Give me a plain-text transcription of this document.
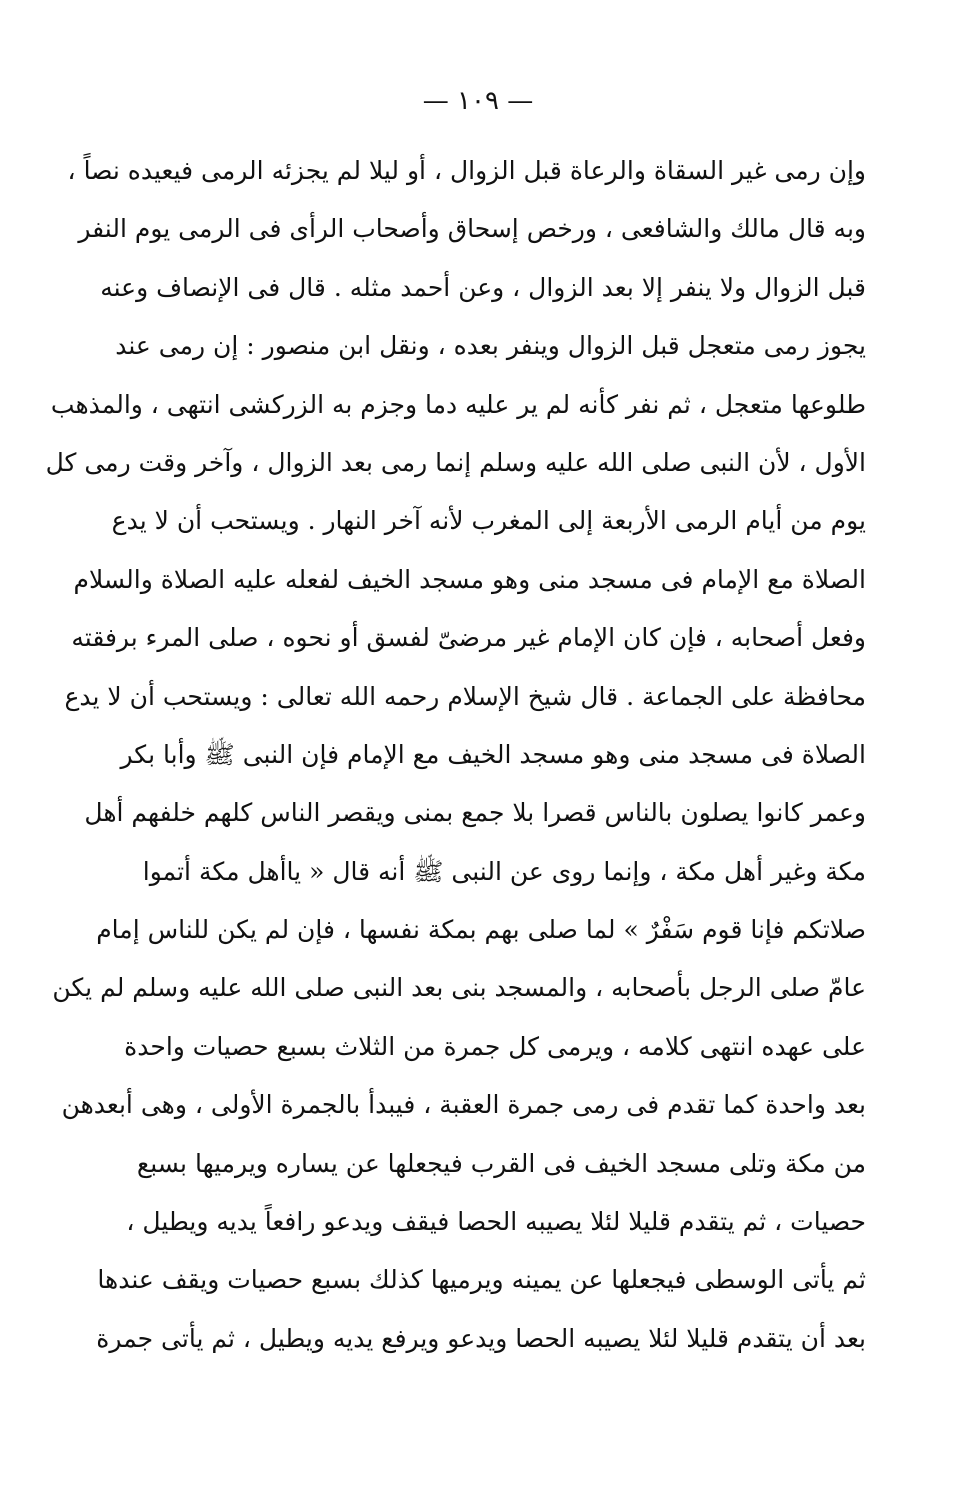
— ١٠٩ —
وإن رمى غير السقاة والرعاة قبل الزوال ، أو ليلا لم يجزئه الرمى فيعيده نصاً ،
وبه قال مالك والشافعى ، ورخص إسحاق وأصحاب الرأى فى الرمى يوم النفر
قبل الزوال ولا ينفر إلا بعد الزوال ، وعن أحمد مثله . قال فى الإنصاف وعنه
يجوز رمى متعجل قبل الزوال وينفر بعده ، ونقل ابن منصور : إن رمى عند
طلوعها متعجل ، ثم نفر كأنه لم ير عليه دما وجزم به الزركشى انتهى ، والمذهب
الأول ، لأن النبى صلى الله عليه وسلم إنما رمى بعد الزوال ، وآخر وقت رمى كل
يوم من أيام الرمى الأربعة إلى المغرب لأنه آخر النهار . ويستحب أن لا يدع
الصلاة مع الإمام فى مسجد منى وهو مسجد الخيف لفعله عليه الصلاة والسلام
وفعل أصحابه ، فإن كان الإمام غير مرضىّ لفسق أو نحوه ، صلى المرء برفقته
محافظة على الجماعة . قال شيخ الإسلام رحمه الله تعالى : ويستحب أن لا يدع
الصلاة فى مسجد منى وهو مسجد الخيف مع الإمام فإن النبى ﷺ وأبا بكر
وعمر كانوا يصلون بالناس قصرا بلا جمع بمنى ويقصر الناس كلهم خلفهم أهل
مكة وغير أهل مكة ، وإنما روى عن النبى ﷺ أنه قال « ياأهل مكة أتموا
صلاتكم فإنا قوم سَفْرٌ » لما صلى بهم بمكة نفسها ، فإن لم يكن للناس إمام
عامّ صلى الرجل بأصحابه ، والمسجد بنى بعد النبى صلى الله عليه وسلم لم يكن
على عهده انتهى كلامه ، ويرمى كل جمرة من الثلاث بسبع حصيات واحدة
بعد واحدة كما تقدم فى رمى جمرة العقبة ، فيبدأ بالجمرة الأولى ، وهى أبعدهن
من مكة وتلى مسجد الخيف فى القرب فيجعلها عن يساره ويرميها بسبع
حصيات ، ثم يتقدم قليلا لئلا يصيبه الحصا فيقف ويدعو رافعاً يديه ويطيل ،
ثم يأتى الوسطى فيجعلها عن يمينه ويرميها كذلك بسبع حصيات ويقف عندها
بعد أن يتقدم قليلا لئلا يصيبه الحصا ويدعو ويرفع يديه ويطيل ، ثم يأتى جمرة
